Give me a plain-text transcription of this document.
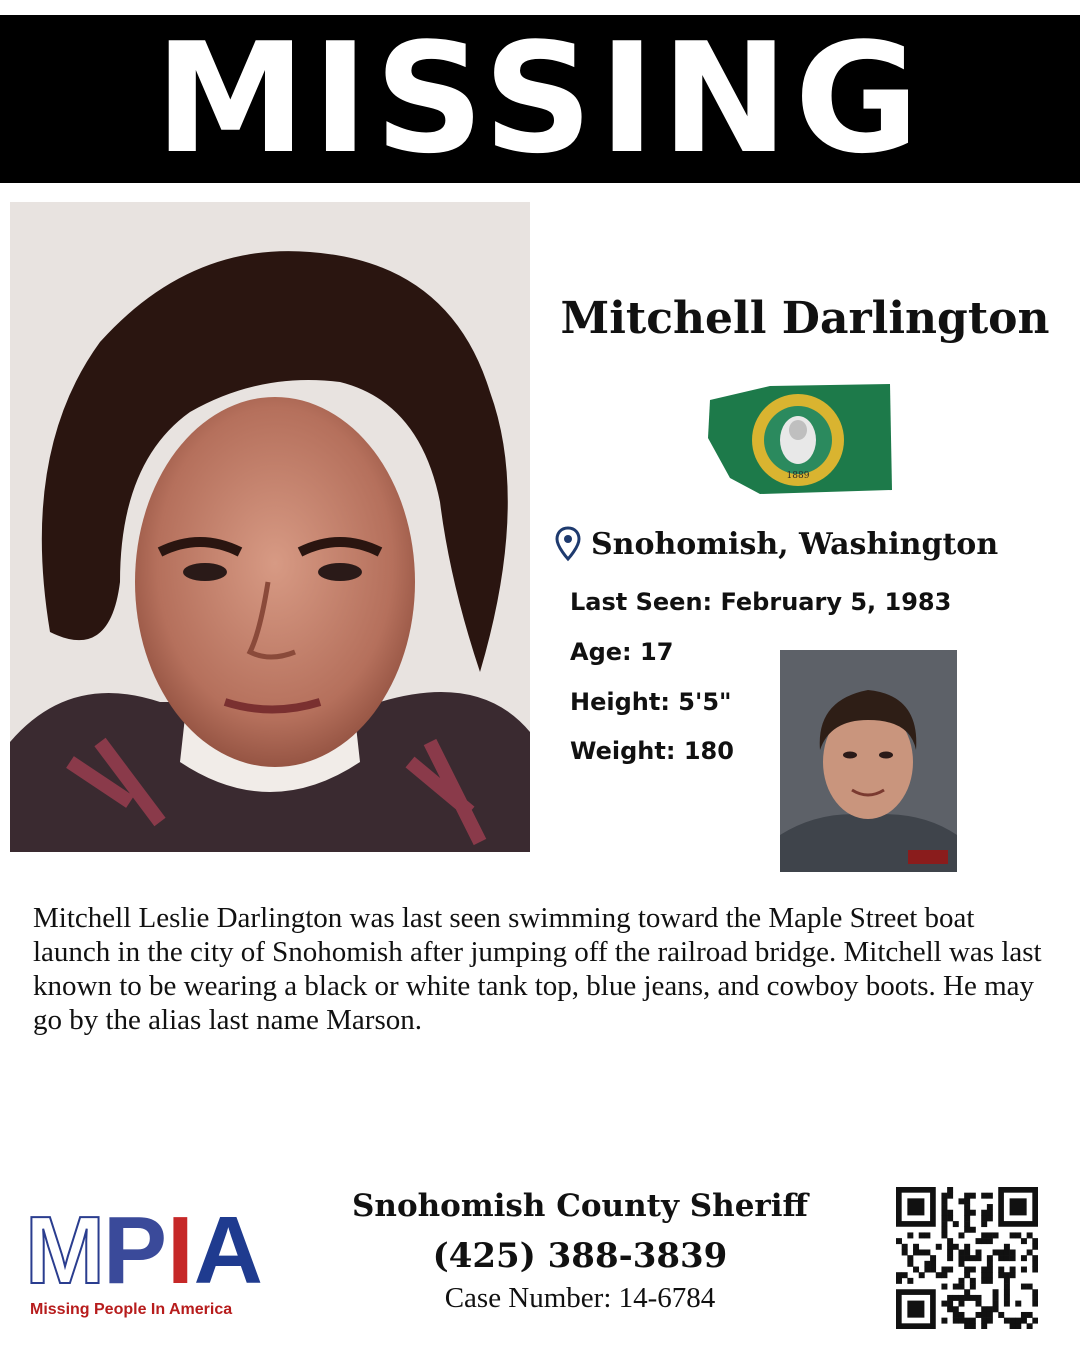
MISSING
Mitchell Darlington
1889
Snohomish, Washington
Last Seen: February 5, 1983
Age: 17
Height: 5'5"
Weight: 180
Mitchell Leslie Darlington was last seen swimming toward the Maple Street boat launch in the city of Snohomish after jumping off the railroad bridge. Mitchell was last known to be wearing a black or white tank top, blue jeans, and cowboy boots. He may go by the alias last name Marson.
M P I A
Missing People In America
Snohomish County Sheriff
(425) 388-3839
Case Number: 14-6784
